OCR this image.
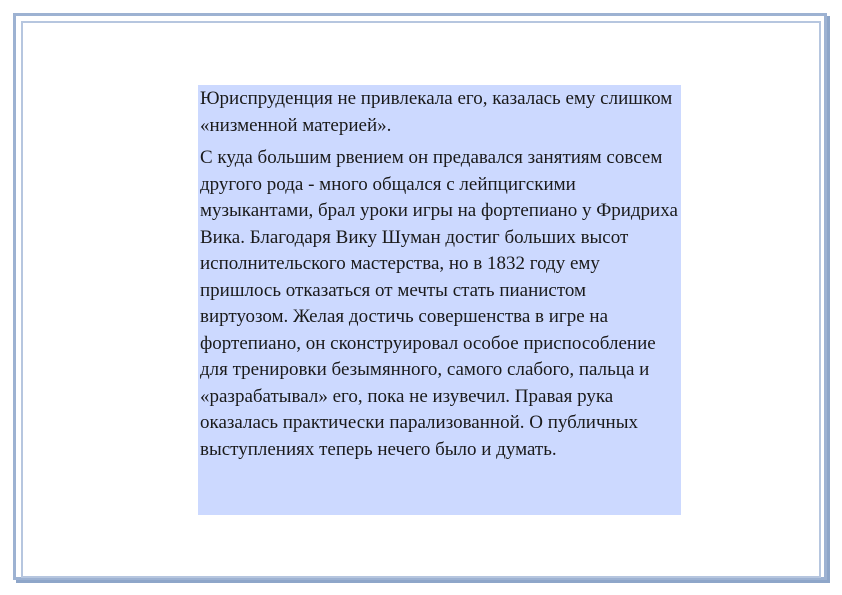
Юриспруденция не привлекала его, казалась ему слишком «низменной материей».

С куда большим рвением он предавался занятиям совсем другого рода - много общался с лейпцигскими музыкантами, брал уроки игры на фортепиано у Фридриха Вика. Благодаря Вику Шуман достиг больших высот исполнительского мастерства, но в 1832 году ему пришлось отказаться от мечты стать пианистом виртуозом. Желая достичь совершенства в игре на фортепиано, он сконструировал особое приспособление для тренировки безымянного, самого слабого, пальца и «разрабатывал» его, пока не изувечил. Правая рука оказалась практически парализованной. О публичных выступлениях теперь нечего было и думать.
